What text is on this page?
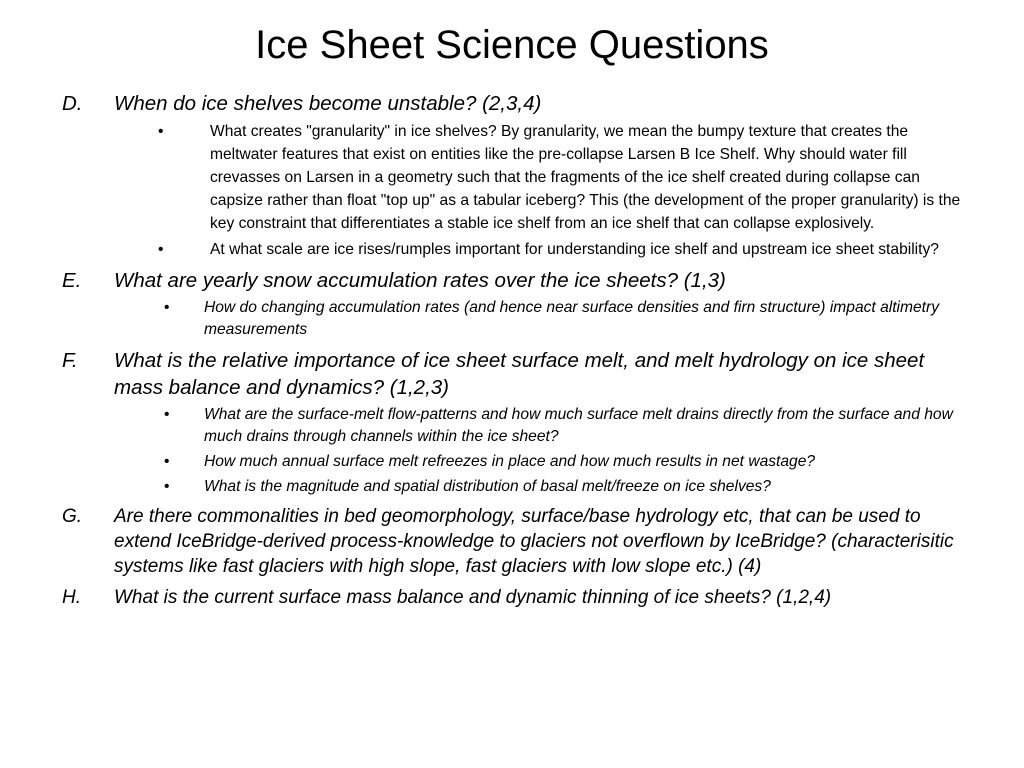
Ice Sheet Science Questions
D. When do ice shelves become unstable? (2,3,4)
•	What creates "granularity" in ice shelves? By granularity, we mean the bumpy texture that creates the meltwater features that exist on entities like the pre-collapse Larsen B Ice Shelf. Why should water fill crevasses on Larsen in a geometry such that the fragments of the ice shelf created during collapse can capsize rather than float "top up" as a tabular iceberg? This (the development of the proper granularity) is the key constraint that differentiates a stable ice shelf from an ice shelf that can collapse explosively.
•	At what scale are ice rises/rumples important for understanding ice shelf and upstream ice sheet stability?
E. What are yearly snow accumulation rates over the ice sheets? (1,3)
• How do changing accumulation rates (and hence near surface densities and firn structure) impact altimetry measurements
F. What is the relative importance of ice sheet surface melt, and melt hydrology on ice sheet mass balance and dynamics? (1,2,3)
• What are the surface-melt flow-patterns and how much surface melt drains directly from the surface and how much drains through channels within the ice sheet?
• How much annual surface melt refreezes in place and how much results in net wastage?
• What is the magnitude and spatial distribution of basal melt/freeze on ice shelves?
G. Are there commonalities in bed geomorphology, surface/base hydrology etc, that can be used to extend IceBridge-derived process-knowledge to glaciers not overflown by IceBridge? (characterisitic systems like fast glaciers with high slope, fast glaciers with low slope etc.) (4)
H. What is the current surface mass balance and dynamic thinning of ice sheets? (1,2,4)
